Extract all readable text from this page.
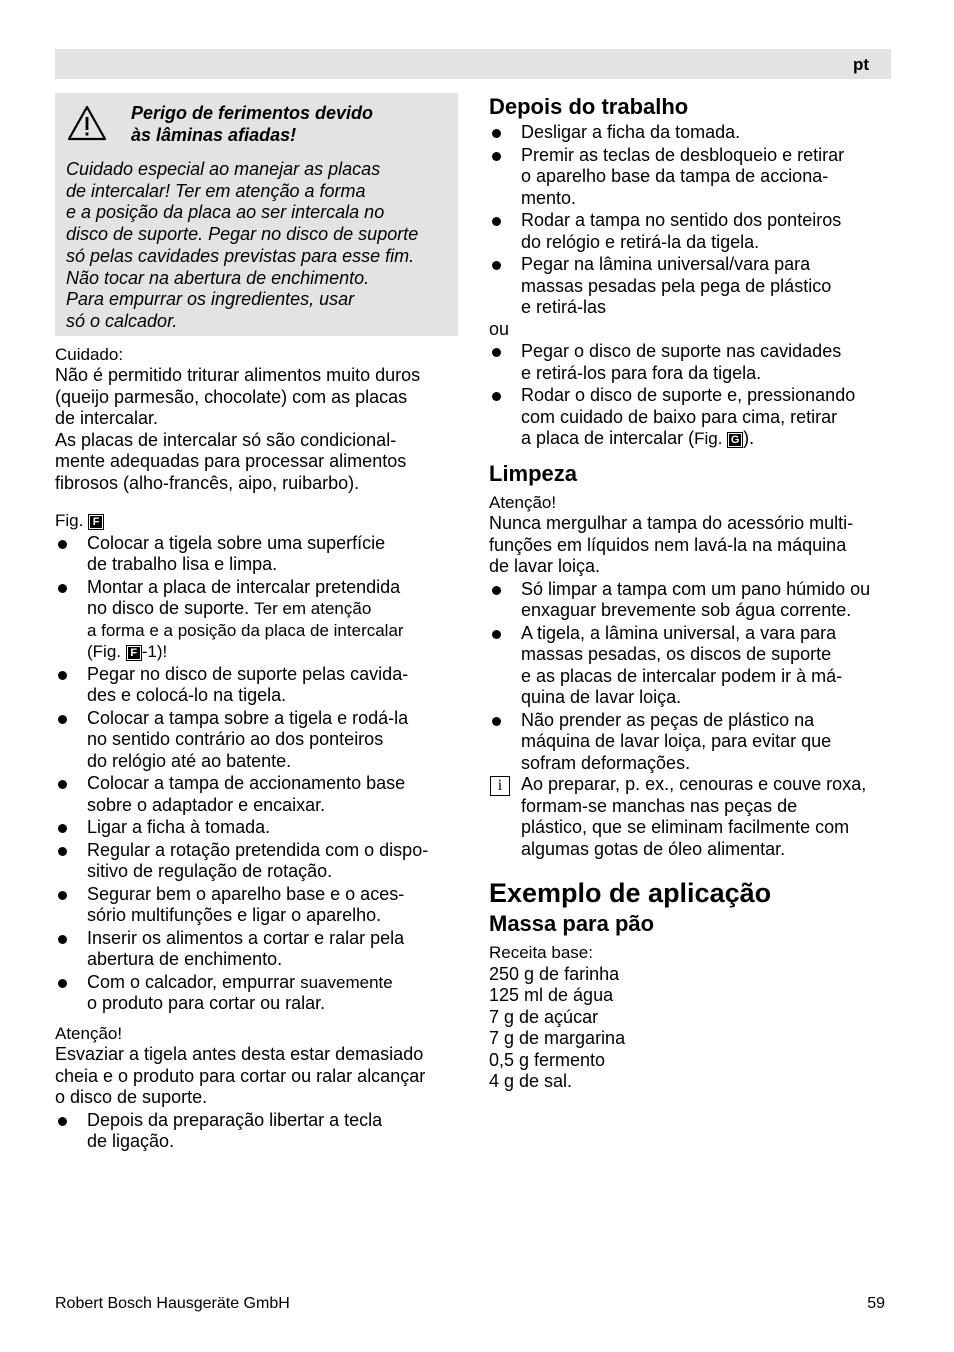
pt
Perigo de ferimentos devido
às lâminas afiadas!
Cuidado especial ao manejar as placas
de intercalar! Ter em atenção a forma
e a posição da placa ao ser intercala no
disco de suporte. Pegar no disco de suporte
só pelas cavidades previstas para esse fim.
Não tocar na abertura de enchimento.
Para empurrar os ingredientes, usar
só o calcador.
Cuidado:
Não é permitido triturar alimentos muito duros
(queijo parmesão, chocolate) com as placas
de intercalar.
As placas de intercalar só são condicional-
mente adequadas para processar alimentos
fibrosos (alho-francês, aipo, ruibarbo).
Fig. F
Colocar a tigela sobre uma superfície
de trabalho lisa e limpa.
Montar a placa de intercalar pretendida
no disco de suporte. Ter em atenção
a forma e a posição da placa de intercalar
(Fig. F -1)!
Pegar no disco de suporte pelas cavida-
des e colocá-lo na tigela.
Colocar a tampa sobre a tigela e rodá-la
no sentido contrário ao dos ponteiros
do relógio até ao batente.
Colocar a tampa de accionamento base
sobre o adaptador e encaixar.
Ligar a ficha à tomada.
Regular a rotação pretendida com o dispo-
sitivo de regulação de rotação.
Segurar bem o aparelho base e o aces-
sório multifunções e ligar o aparelho.
Inserir os alimentos a cortar e ralar pela
abertura de enchimento.
Com o calcador, empurrar suavemente
o produto para cortar ou ralar.
Atenção!
Esvaziar a tigela antes desta estar demasiado
cheia e o produto para cortar ou ralar alcançar
o disco de suporte.
Depois da preparação libertar a tecla
de ligação.
Depois do trabalho
Desligar a ficha da tomada.
Premir as teclas de desbloqueio e retirar
o aparelho base da tampa de acciona-
mento.
Rodar a tampa no sentido dos ponteiros
do relógio e retirá-la da tigela.
Pegar na lâmina universal/vara para
massas pesadas pela pega de plástico
e retirá-las
ou
Pegar o disco de suporte nas cavidades
e retirá-los para fora da tigela.
Rodar o disco de suporte e, pressionando
com cuidado de baixo para cima, retirar
a placa de intercalar (Fig. G ).
Limpeza
Atenção!
Nunca mergulhar a tampa do acessório multi-
funções em líquidos nem lavá-la na máquina
de lavar loiça.
Só limpar a tampa com um pano húmido ou
enxaguar brevemente sob água corrente.
A tigela, a lâmina universal, a vara para
massas pesadas, os discos de suporte
e as placas de intercalar podem ir à má-
quina de lavar loiça.
Não prender as peças de plástico na
máquina de lavar loiça, para evitar que
sofram deformações.
i	Ao preparar, p. ex., cenouras e couve roxa,
formam-se manchas nas peças de
plástico, que se eliminam facilmente com
algumas gotas de óleo alimentar.
Exemplo de aplicação
Massa para pão
Receita base:
250 g de farinha
125 ml de água
7 g de açúcar
7 g de margarina
0,5 g fermento
4 g de sal.
Robert Bosch Hausgeräte GmbH	59
